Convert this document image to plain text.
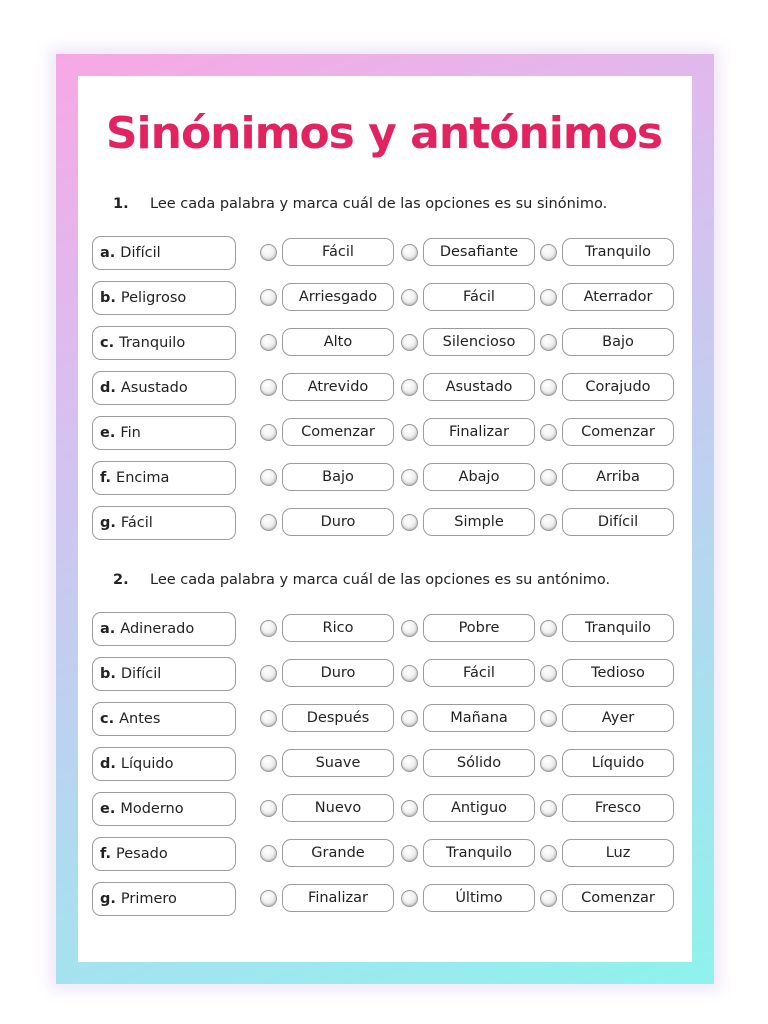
Sinónimos y antónimos
1.	Lee cada palabra y marca cuál de las opciones es su sinónimo.
a. Difícil	Fácil	Desafiante	Tranquilo
b. Peligroso	Arriesgado	Fácil	Aterrador
c. Tranquilo	Alto	Silencioso	Bajo
d. Asustado	Atrevido	Asustado	Corajudo
e. Fin	Comenzar	Finalizar	Comenzar
f. Encima	Bajo	Abajo	Arriba
g. Fácil	Duro	Simple	Difícil
2.	Lee cada palabra y marca cuál de las opciones es su antónimo.
a. Adinerado	Rico	Pobre	Tranquilo
b. Difícil	Duro	Fácil	Tedioso
c. Antes	Después	Mañana	Ayer
d. Líquido	Suave	Sólido	Líquido
e. Moderno	Nuevo	Antiguo	Fresco
f. Pesado	Grande	Tranquilo	Luz
g. Primero	Finalizar	Último	Comenzar
